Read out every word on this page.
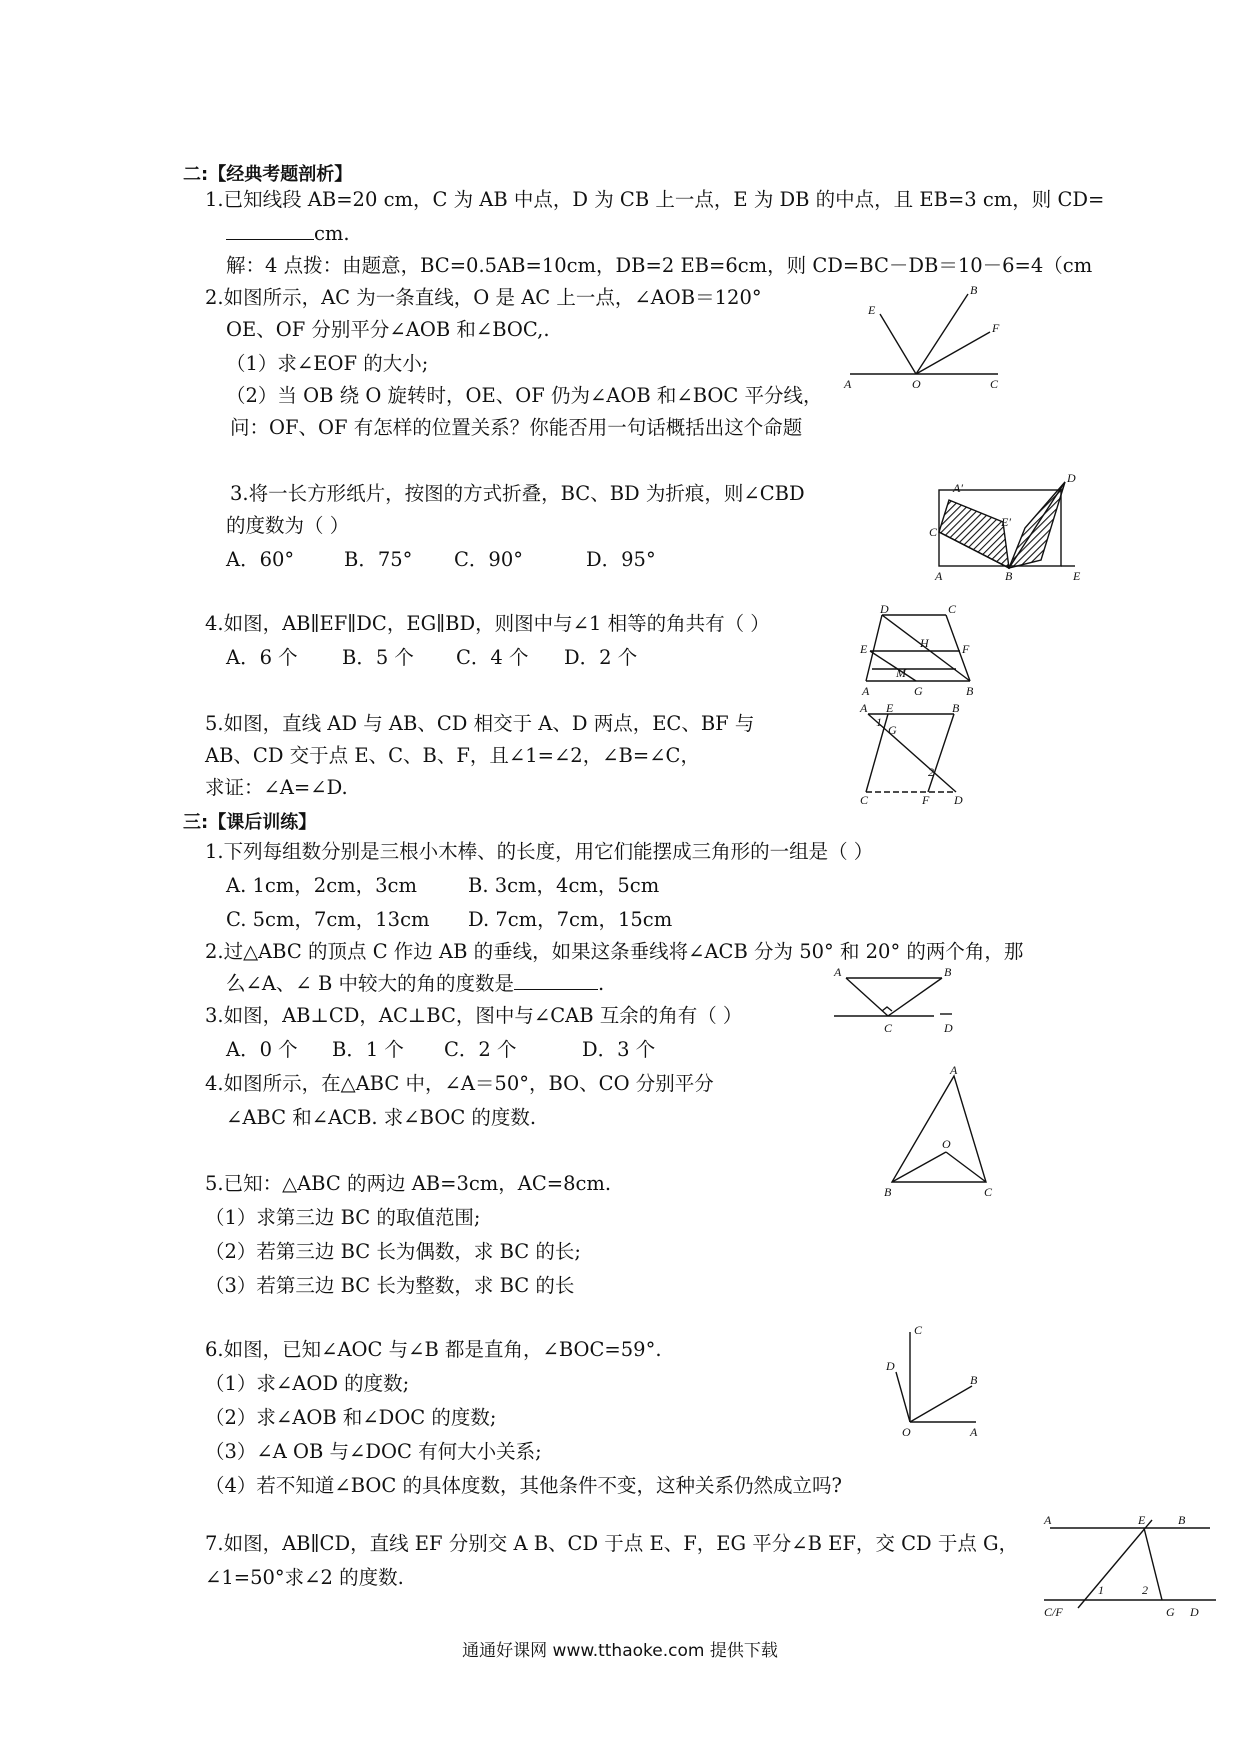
二:【经典考题剖析】
1.已知线段 AB=20 cm，C 为 AB 中点，D 为 CB 上一点，E 为 DB 的中点，且 EB=3 cm，则 CD=
cm.
解：4 点拨：由题意，BC=0.5AB=10cm，DB=2 EB=6cm，则 CD=BC－DB＝10－6=4（cm
2.如图所示，AC 为一条直线，O 是 AC 上一点，∠AOB＝120°
OE、OF 分别平分∠AOB 和∠BOC,.
（1）求∠EOF 的大小;
（2）当 OB 绕 O 旋转时，OE、OF 仍为∠AOB 和∠BOC 平分线，
问：OF、OF 有怎样的位置关系？你能否用一句话概括出这个命题
A	O	C
E
B
F
3.将一长方形纸片，按图的方式折叠，BC、BD 为折痕，则∠CBD
的度数为（ ）
A．60°	B．75° C．90°	D．95°
A′
E′
C
D
A	B	E
4.如图，AB∥EF∥DC，EG∥BD，则图中与∠1 相等的角共有（ ）
A．6 个 B．5 个 C．4 个 D．2 个
D	C
E	H	F
A
M
G	B
5.如图，直线 AD 与 AB、CD 相交于 A、D 两点，EC、BF 与
AB、CD 交于点 E、C、B、F，且∠1=∠2，∠B=∠C，
求证：∠A=∠D.
A E	B
1
G
2
C	F D
三:【课后训练】
1.下列每组数分别是三根小木棒、的长度，用它们能摆成三角形的一组是（ ）
A. 1cm，2cm，3cm	B. 3cm，4cm，5cm
C. 5cm，7cm，13cm D. 7cm，7cm，15cm
2.过△ABC 的顶点 C 作边 AB 的垂线，如果这条垂线将∠ACB 分为 50° 和 20° 的两个角，那
么∠A、∠ B 中较大的角的度数是	.
3.如图，AB⊥CD，AC⊥BC，图中与∠CAB 互余的角有（ ）
A．0 个 B．1 个 C．2 个	D．3 个
A	B
C	D
4.如图所示，在△ABC 中，∠A＝50°，BO、CO 分别平分
∠ABC 和∠ACB. 求∠BOC 的度数.
A
O
B	C
5.已知：△ABC 的两边 AB=3cm，AC=8cm.
（1）求第三边 BC 的取值范围;
（2）若第三边 BC 长为偶数，求 BC 的长;
（3）若第三边 BC 长为整数，求 BC 的长
6.如图，已知∠AOC 与∠B 都是直角，∠BOC=59°.
（1）求∠AOD 的度数;
（2）求∠AOB 和∠DOC 的度数;
（3）∠A OB 与∠DOC 有何大小关系;
（4）若不知道∠BOC 的具体度数，其他条件不变，这种关系仍然成立吗?
C
D
B
O	A
7.如图，AB∥CD，直线 EF 分别交 A B、CD 于点 E、F，EG 平分∠B EF，交 CD 于点 G，
∠1=50°求∠2 的度数.
A	E	B
1	2
C/F	G D
通通好课网 www.tthaoke.com 提供下载
